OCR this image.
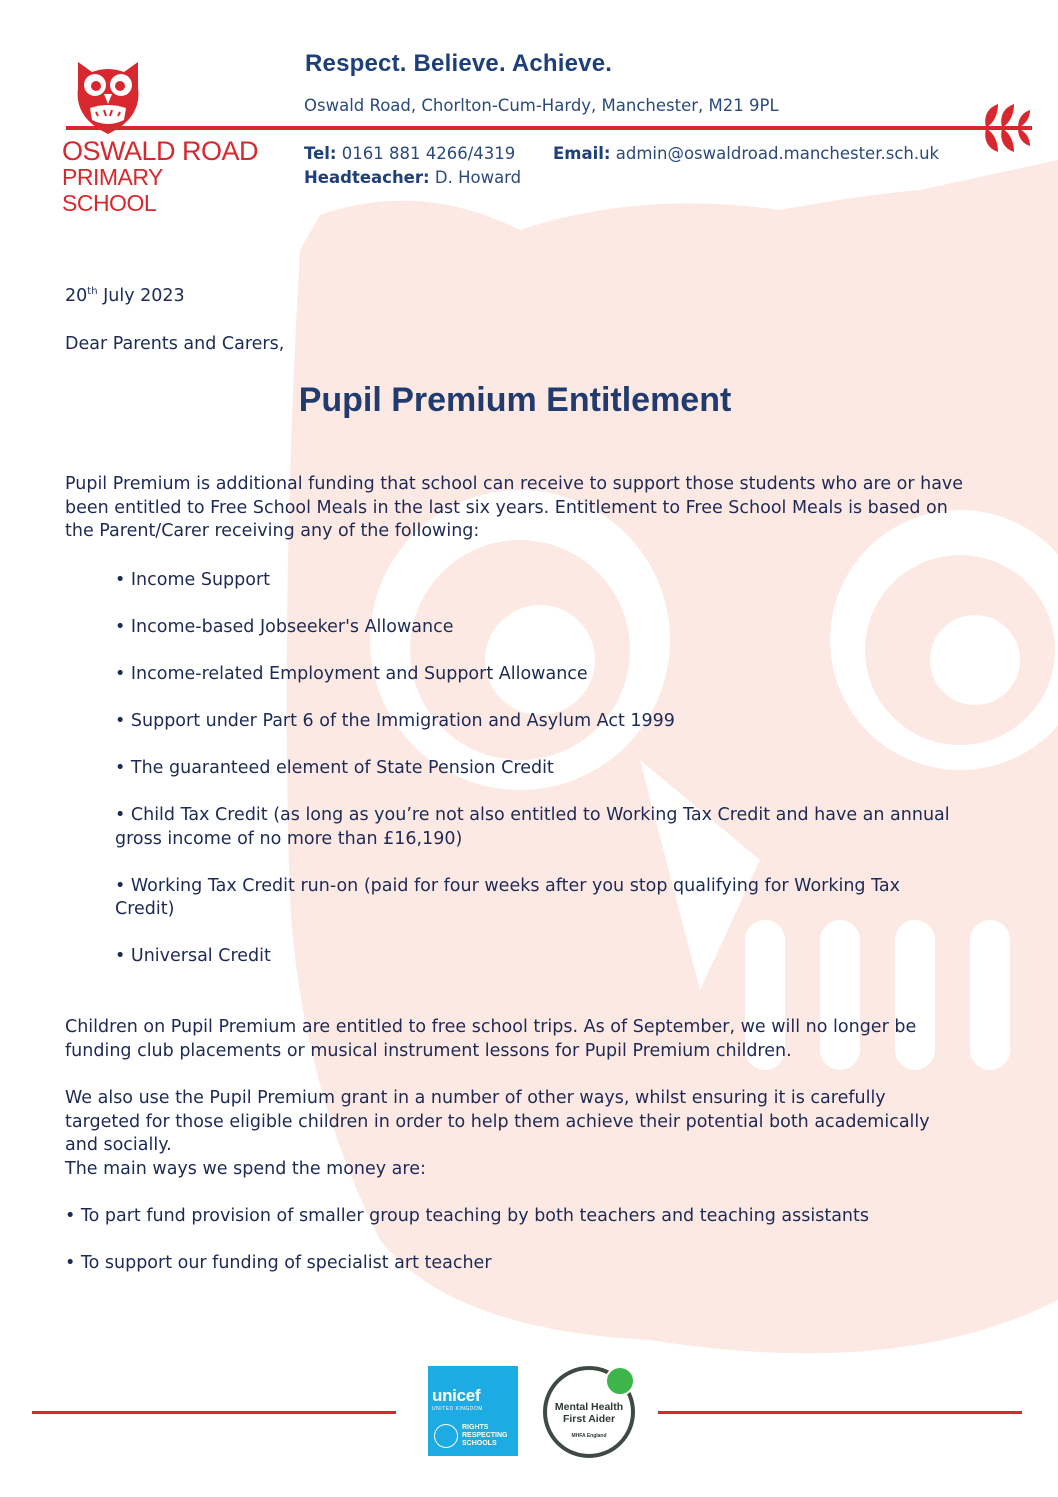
OSWALD ROAD
PRIMARY SCHOOL
Respect. Believe. Achieve.
Oswald Road, Chorlton-Cum-Hardy, Manchester, M21 9PL
Tel: 0161 881 4266/4319 Email: admin@oswaldroad.manchester.sch.uk
Headteacher: D. Howard
20th July 2023
Dear Parents and Carers,
Pupil Premium Entitlement
Pupil Premium is additional funding that school can receive to support those students who are or have been entitled to Free School Meals in the last six years. Entitlement to Free School Meals is based on the Parent/Carer receiving any of the following:
• Income Support
• Income-based Jobseeker's Allowance
• Income-related Employment and Support Allowance
• Support under Part 6 of the Immigration and Asylum Act 1999
• The guaranteed element of State Pension Credit
• Child Tax Credit (as long as you’re not also entitled to Working Tax Credit and have an annual gross income of no more than £16,190)
• Working Tax Credit run-on (paid for four weeks after you stop qualifying for Working Tax Credit)
• Universal Credit
Children on Pupil Premium are entitled to free school trips. As of September, we will no longer be funding club placements or musical instrument lessons for Pupil Premium children.
We also use the Pupil Premium grant in a number of other ways, whilst ensuring it is carefully targeted for those eligible children in order to help them achieve their potential both academically and socially.
The main ways we spend the money are:
• To part fund provision of smaller group teaching by both teachers and teaching assistants
• To support our funding of specialist art teacher
unicef
UNITED KINGDOM
RIGHTS
RESPECTING
SCHOOLS
Mental Health First Aider
MHFA England
